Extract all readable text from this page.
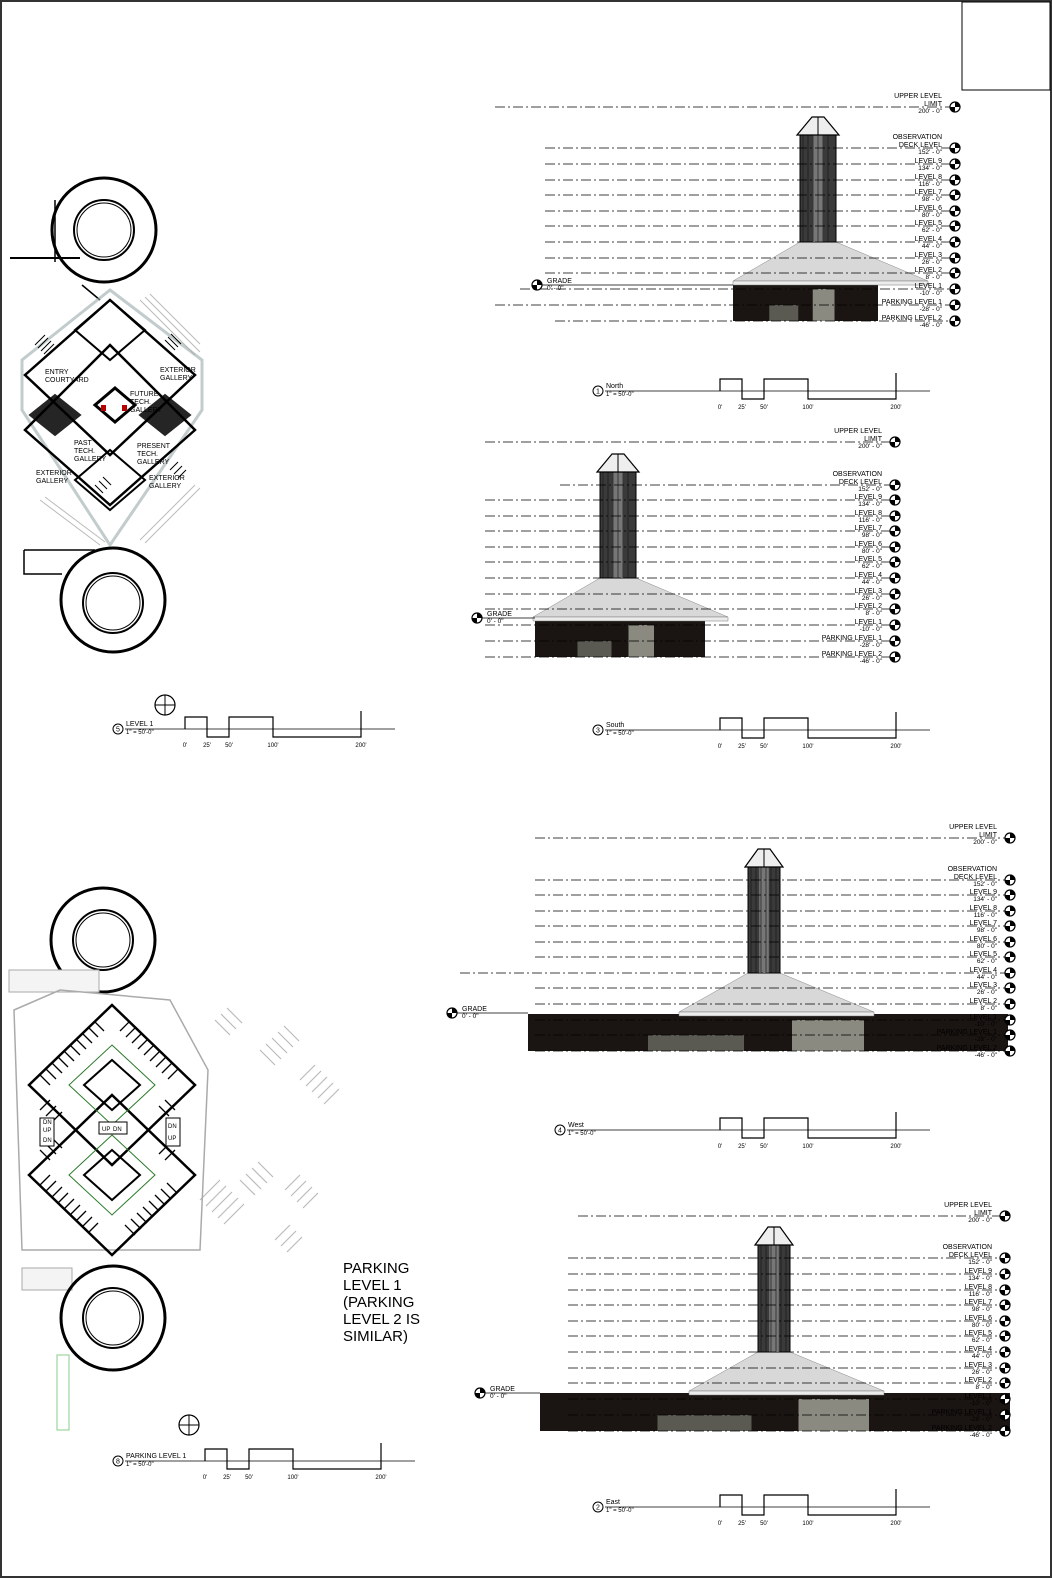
ENTRY
COURTYARD
EXTERIOR
GALLERY
FUTURE
TECH.
GALLERY
PAST
TECH.
GALLERY
PRESENT
TECH.
GALLERY
EXTERIOR
GALLERY	EXTERIOR
GALLERY
DN
UP
DN
UP DN	DN
UP
PARKING
LEVEL 1
(PARKING
LEVEL 2 IS
SIMILAR)
LIMIT
200' - 0"
UPPER LEVEL
DECK LEVEL
152' - 0"
OBSERVATION
LEVEL 9
134' - 0"
LEVEL 8
116' - 0"
LEVEL 7
98' - 0"
LEVEL 6
80' - 0"
LEVEL 5
62' - 0"
LEVEL 4
44' - 0"
LEVEL 3
26' - 0"
LEVEL 2
8' - 0"
LEVEL 1
-10' - 0"
PARKING LEVEL 1
-28' - 0"
PARKING LEVEL 2
-46' - 0"
GRADE
0' - 0"
LIMIT
200' - 0"
UPPER LEVEL
DECK LEVEL
152' - 0"
OBSERVATION
LEVEL 9
134' - 0"
LEVEL 8
116' - 0"
LEVEL 7
98' - 0"
LEVEL 6
80' - 0"
LEVEL 5
62' - 0"
LEVEL 4
44' - 0"
LEVEL 3
26' - 0"
LEVEL 2
8' - 0"
LEVEL 1
-10' - 0"
PARKING LEVEL 1
-28' - 0"
PARKING LEVEL 2
-46' - 0"
GRADE
0' - 0"
LIMIT
200' - 0"
UPPER LEVEL
DECK LEVEL
152' - 0"
OBSERVATION
LEVEL 9
134' - 0"
LEVEL 8
116' - 0"
LEVEL 7
98' - 0"
LEVEL 6
80' - 0"
LEVEL 5
62' - 0"
LEVEL 4
44' - 0"
LEVEL 3
26' - 0"
LEVEL 2
8' - 0"
LEVEL 1
-10' - 0"
PARKING LEVEL 1
-28' - 0"
PARKING LEVEL 2
-46' - 0"
GRADE
0' - 0"
LIMIT
200' - 0"
UPPER LEVEL
DECK LEVEL
152' - 0"
OBSERVATION
LEVEL 9
134' - 0"
LEVEL 8
116' - 0"
LEVEL 7
98' - 0"
LEVEL 6
80' - 0"
LEVEL 5
62' - 0"
LEVEL 4
44' - 0"
LEVEL 3
26' - 0"
LEVEL 2
8' - 0"
LEVEL 1
-10' - 0"
PARKING LEVEL 1
-28' - 0"
PARKING LEVEL 2
-46' - 0"
GRADE
0' - 0"
1
North
1" = 50'-0"
0'	25' 50'	100'	200'
5
LEVEL 1
1" = 50'-0"
0'	25' 50'	100'	200'
3
South
1" = 50'-0"
0'	25' 50'	100'	200'
4
West
1" = 50'-0"
0'	25' 50'	100'	200'
8
PARKING LEVEL 1
1" = 50'-0"
0'	25' 50'	100'	200'
2
East
1" = 50'-0"
0'	25' 50'	100'	200'
